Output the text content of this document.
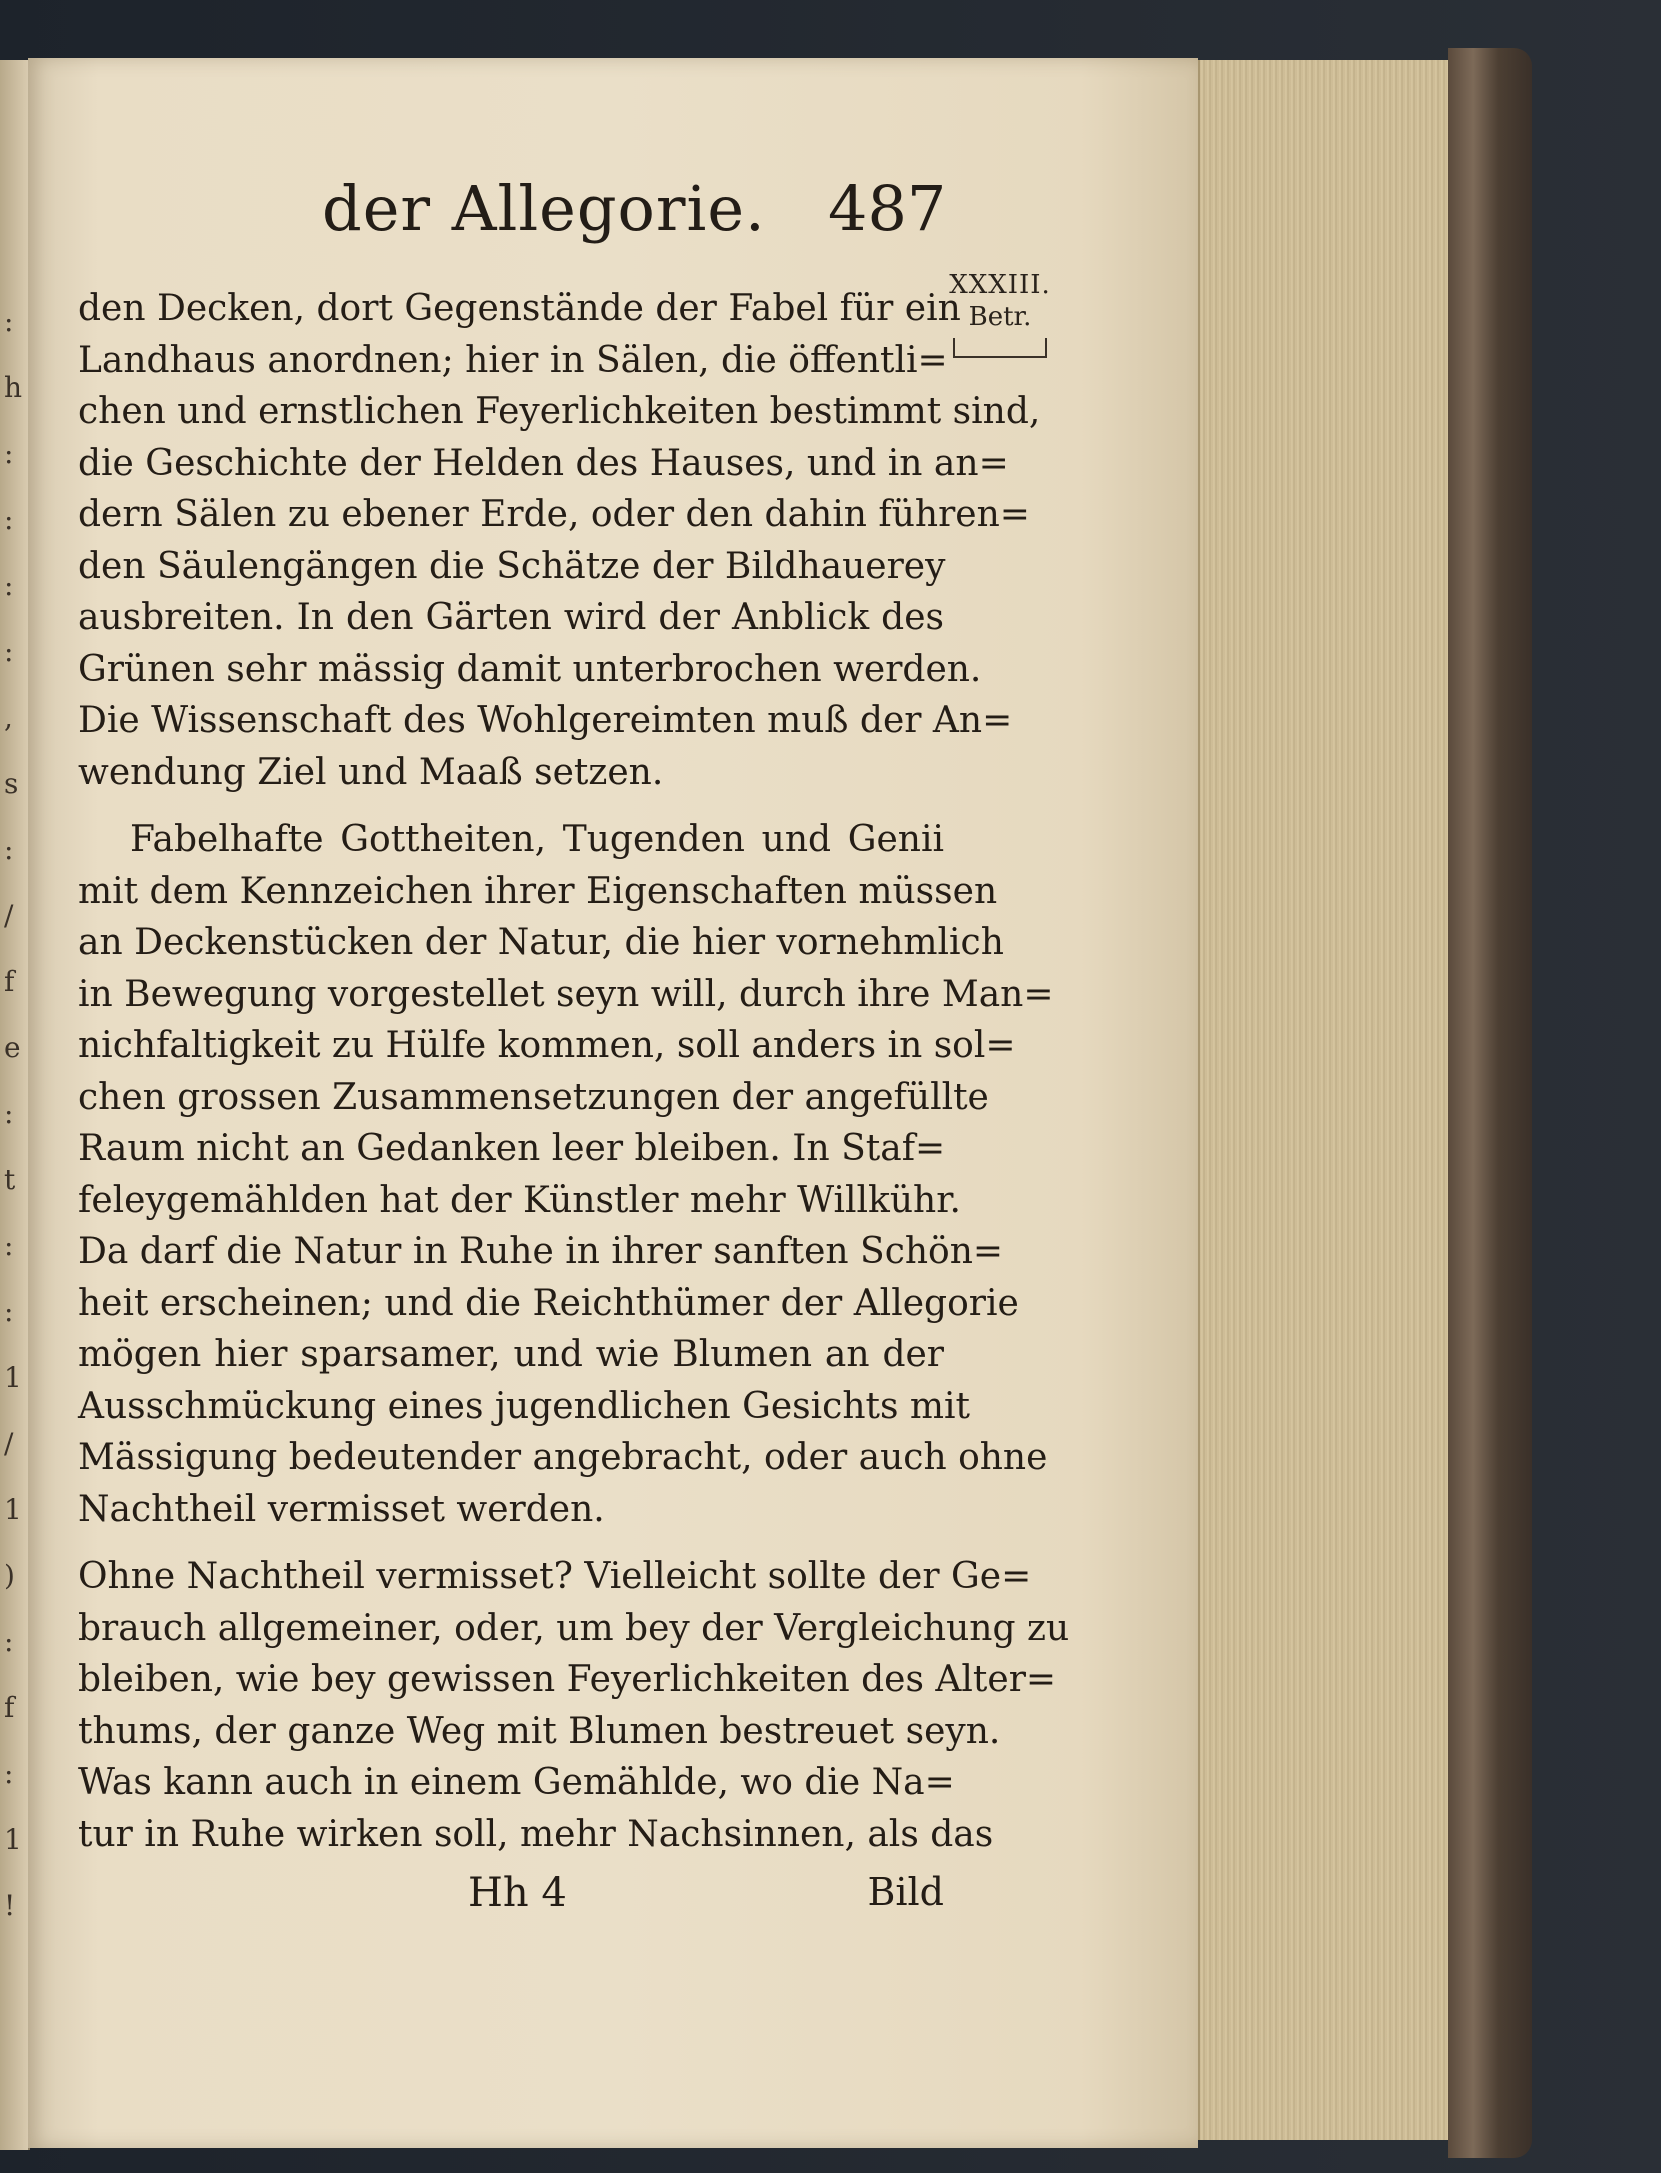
:
h
:
:
:
:
,
s
:
/
f
e
:
t
:
:
1
/
1
)
:
f
:
1
!
der Allegorie. 487
XXXIII.
Betr.
den Decken, dort Gegenstände der Fabel für ein
Landhaus anordnen; hier in Sälen, die öffentli=
chen und ernstlichen Feyerlichkeiten bestimmt sind,
die Geschichte der Helden des Hauses, und in an=
dern Sälen zu ebener Erde, oder den dahin führen=
den Säulengängen die Schätze der Bildhauerey
ausbreiten. In den Gärten wird der Anblick des
Grünen sehr mässig damit unterbrochen werden.
Die Wissenschaft des Wohlgereimten muß der An=
wendung Ziel und Maaß setzen.
Fabelhafte Gottheiten, Tugenden und Genii
mit dem Kennzeichen ihrer Eigenschaften müssen
an Deckenstücken der Natur, die hier vornehmlich
in Bewegung vorgestellet seyn will, durch ihre Man=
nichfaltigkeit zu Hülfe kommen, soll anders in sol=
chen grossen Zusammensetzungen der angefüllte
Raum nicht an Gedanken leer bleiben. In Staf=
feleygemählden hat der Künstler mehr Willkühr.
Da darf die Natur in Ruhe in ihrer sanften Schön=
heit erscheinen; und die Reichthümer der Allegorie
mögen hier sparsamer, und wie Blumen an der
Ausschmückung eines jugendlichen Gesichts mit
Mässigung bedeutender angebracht, oder auch ohne
Nachtheil vermisset werden.
Ohne Nachtheil vermisset? Vielleicht sollte der Ge=
brauch allgemeiner, oder, um bey der Vergleichung zu
bleiben, wie bey gewissen Feyerlichkeiten des Alter=
thums, der ganze Weg mit Blumen bestreuet seyn.
Was kann auch in einem Gemählde, wo die Na=
tur in Ruhe wirken soll, mehr Nachsinnen, als das
Hh 4	Bild
